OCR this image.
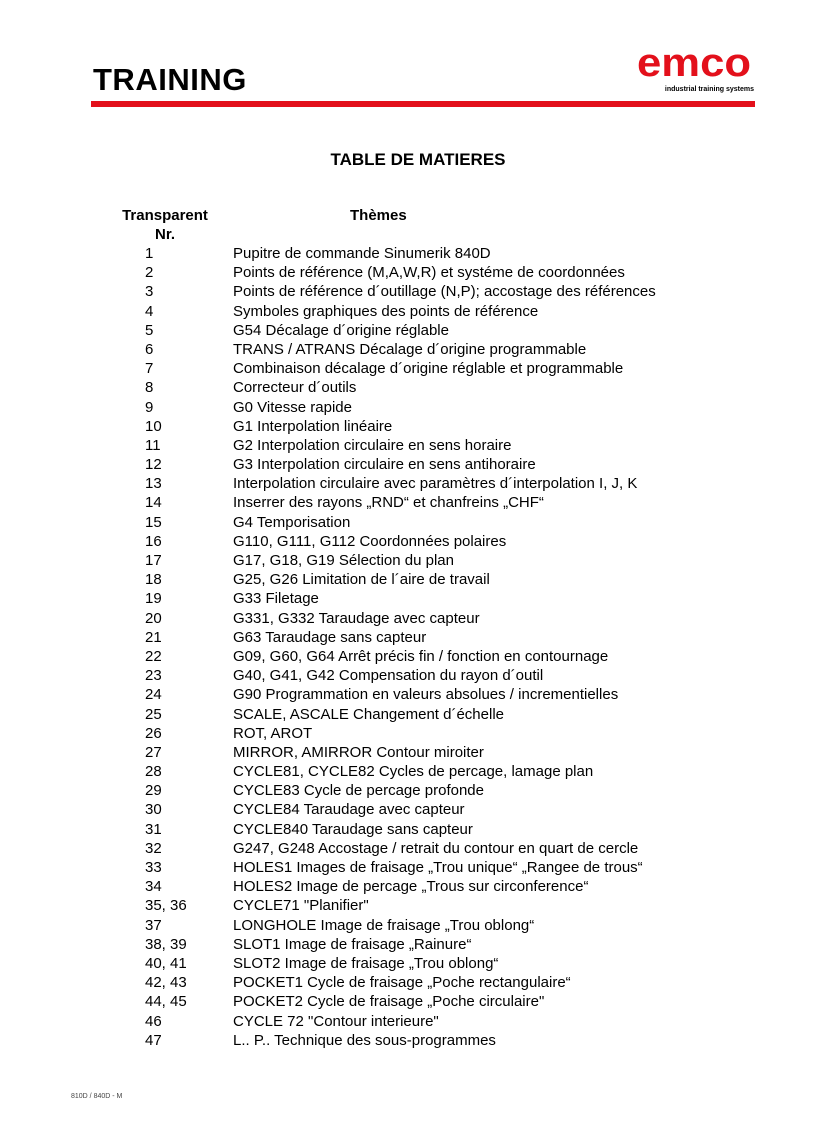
TRAINING	emco
industrial training systems
TABLE DE MATIERES
Transparent Nr.
Thèmes
1	Pupitre de commande Sinumerik 840D
2	Points de référence (M,A,W,R) et systéme de coordonnées
3	Points de référence d´outillage (N,P); accostage des références
4	Symboles graphiques des points de référence
5	G54 Décalage d´origine réglable
6	TRANS / ATRANS Décalage d´origine programmable
7	Combinaison décalage d´origine réglable et programmable
8	Correcteur d´outils
9	G0 Vitesse rapide
10	G1 Interpolation linéaire
11	G2 Interpolation circulaire en sens horaire
12	G3 Interpolation circulaire en sens antihoraire
13	Interpolation circulaire avec paramètres d´interpolation I, J, K
14	Inserrer des rayons „RND“ et chanfreins „CHF“
15	G4 Temporisation
16	G110, G111, G112 Coordonnées polaires
17	G17, G18, G19 Sélection du plan
18	G25, G26 Limitation de l´aire de travail
19	G33 Filetage
20	G331, G332 Taraudage avec capteur
21	G63 Taraudage sans capteur
22	G09, G60, G64 Arrêt précis fin / fonction en contournage
23	G40, G41, G42 Compensation du rayon d´outil
24	G90 Programmation en valeurs absolues / incrementielles
25	SCALE, ASCALE Changement d´échelle
26	ROT, AROT
27	MIRROR, AMIRROR Contour miroiter
28	CYCLE81, CYCLE82 Cycles de percage, lamage plan
29	CYCLE83 Cycle de percage profonde
30	CYCLE84 Taraudage avec capteur
31	CYCLE840 Taraudage sans capteur
32	G247, G248 Accostage / retrait du contour en quart de cercle
33	HOLES1 Images de fraisage „Trou unique“ „Rangee de trous“
34	HOLES2 Image de percage „Trous sur circonference“
35, 36	CYCLE71 "Planifier"
37	LONGHOLE Image de fraisage „Trou oblong“
38, 39	SLOT1 Image de fraisage „Rainure“
40, 41	SLOT2 Image de fraisage „Trou oblong“
42, 43	POCKET1 Cycle de fraisage „Poche rectangulaire“
44, 45	POCKET2 Cycle de fraisage „Poche circulaire"
46	CYCLE 72 "Contour interieure"
47	L.. P.. Technique des sous-programmes
810D / 840D - M
